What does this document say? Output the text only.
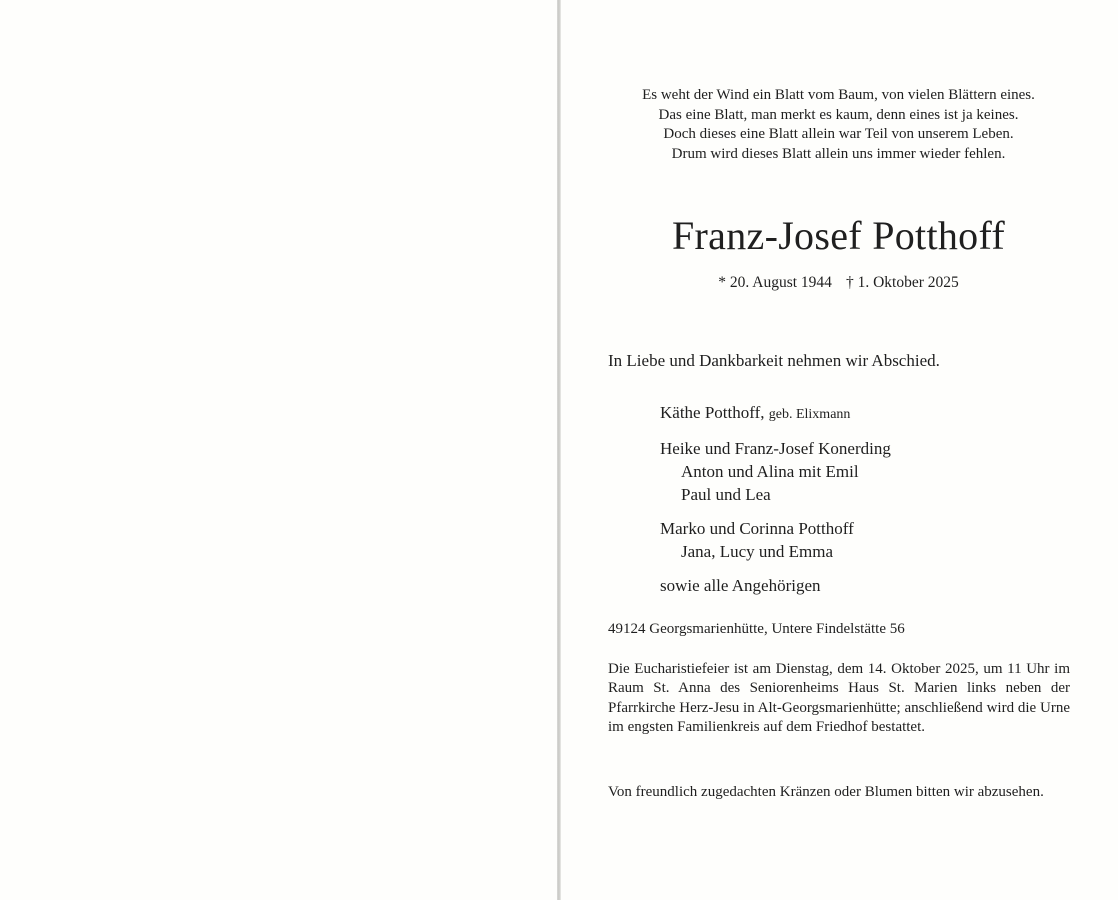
Es weht der Wind ein Blatt vom Baum, von vielen Blättern eines.
Das eine Blatt, man merkt es kaum, denn eines ist ja keines.
Doch dieses eine Blatt allein war Teil von unserem Leben.
Drum wird dieses Blatt allein uns immer wieder fehlen.
Franz-Josef Potthoff
* 20. August 1944 † 1. Oktober 2025
In Liebe und Dankbarkeit nehmen wir Abschied.
Käthe Potthoff, geb. Elixmann
Heike und Franz-Josef Konerding
Anton und Alina mit Emil
Paul und Lea
Marko und Corinna Potthoff
Jana, Lucy und Emma
sowie alle Angehörigen
49124 Georgsmarienhütte, Untere Findelstätte 56
Die Eucharistiefeier ist am Dienstag, dem 14. Oktober 2025, um 11 Uhr im Raum St. Anna des Seniorenheims Haus St. Marien links neben der Pfarrkirche Herz-Jesu in Alt-Georgsmarienhütte; anschließend wird die Urne im engsten Familienkreis auf dem Friedhof bestattet.
Von freundlich zugedachten Kränzen oder Blumen bitten wir abzusehen.
